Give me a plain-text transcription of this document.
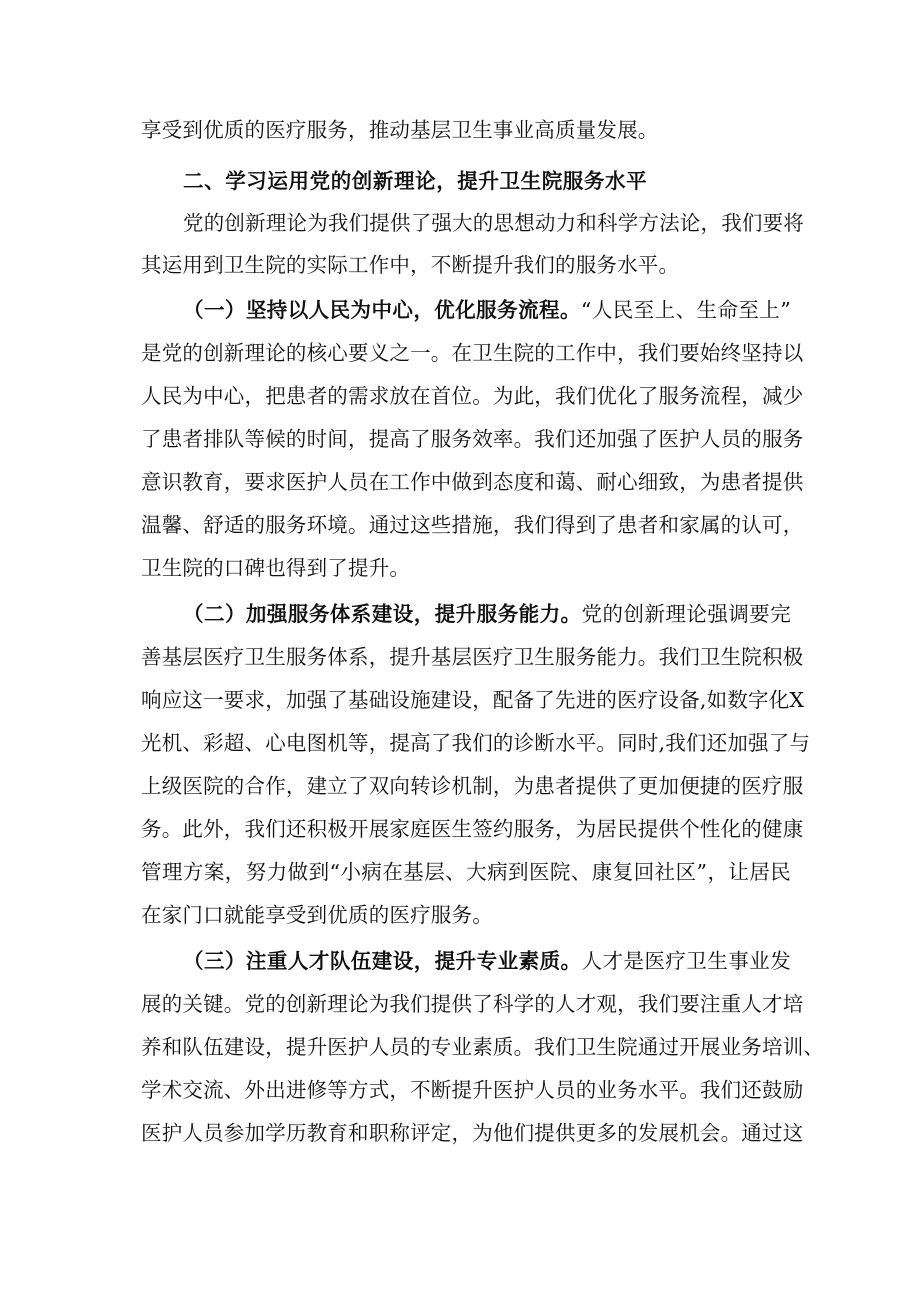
享受到优质的医疗服务，推动基层卫生事业高质量发展。
二、学习运用党的创新理论，提升卫生院服务水平
党的创新理论为我们提供了强大的思想动力和科学方法论，我们要将
其运用到卫生院的实际工作中，不断提升我们的服务水平。
（一）坚持以人民为中心，优化服务流程。“人民至上、生命至上”
是党的创新理论的核心要义之一。在卫生院的工作中，我们要始终坚持以
人民为中心，把患者的需求放在首位。为此，我们优化了服务流程，减少
了患者排队等候的时间，提高了服务效率。我们还加强了医护人员的服务
意识教育，要求医护人员在工作中做到态度和蔼、耐心细致，为患者提供
温馨、舒适的服务环境。通过这些措施，我们得到了患者和家属的认可，
卫生院的口碑也得到了提升。
（二）加强服务体系建设，提升服务能力。党的创新理论强调要完
善基层医疗卫生服务体系，提升基层医疗卫生服务能力。我们卫生院积极
响应这一要求，加强了基础设施建设，配备了先进的医疗设备,如数字化X
光机、彩超、心电图机等，提高了我们的诊断水平。同时,我们还加强了与
上级医院的合作，建立了双向转诊机制，为患者提供了更加便捷的医疗服
务。此外，我们还积极开展家庭医生签约服务，为居民提供个性化的健康
管理方案，努力做到“小病在基层、大病到医院、康复回社区”，让居民
在家门口就能享受到优质的医疗服务。
（三）注重人才队伍建设，提升专业素质。人才是医疗卫生事业发
展的关键。党的创新理论为我们提供了科学的人才观，我们要注重人才培
养和队伍建设，提升医护人员的专业素质。我们卫生院通过开展业务培训、
学术交流、外出进修等方式，不断提升医护人员的业务水平。我们还鼓励
医护人员参加学历教育和职称评定，为他们提供更多的发展机会。通过这
